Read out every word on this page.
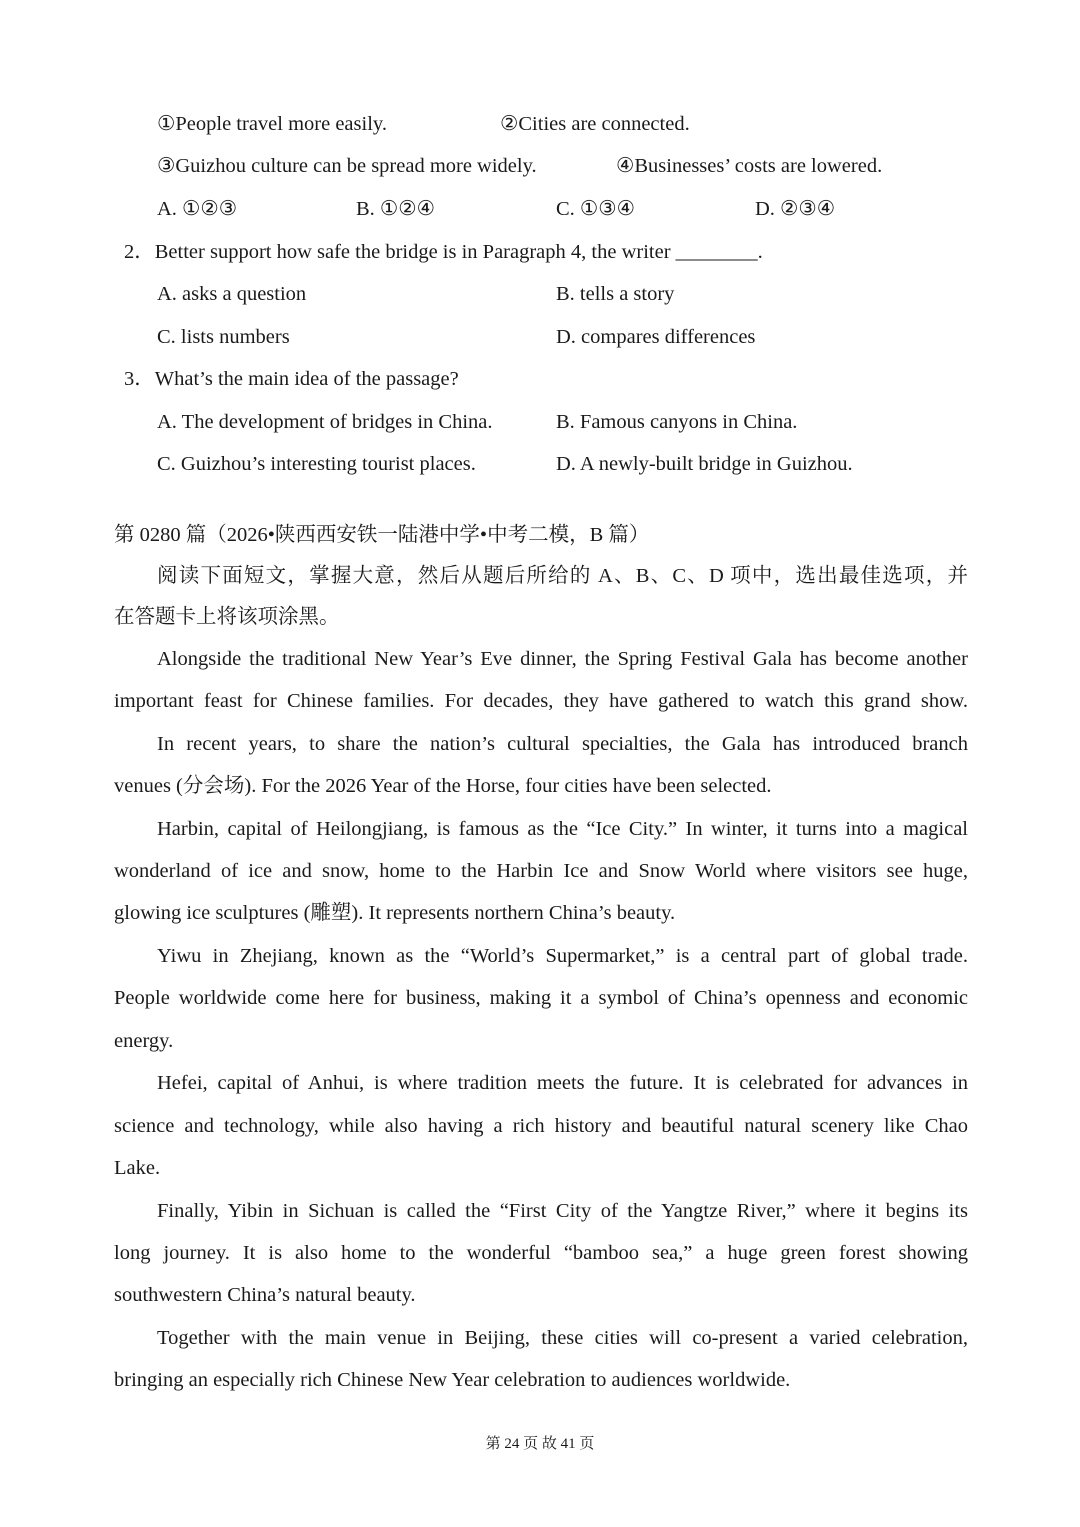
①People travel more easily.	②Cities are connected.
③Guizhou culture can be spread more widely.	④Businesses’ costs are lowered.
A. ①②③	B. ①②④	C. ①③④	D. ②③④
2．Better support how safe the bridge is in Paragraph 4, the writer ________.
A. asks a question	B. tells a story
C. lists numbers	D. compares differences
3．What’s the main idea of the passage?
A. The development of bridges in China.	B. Famous canyons in China.
C. Guizhou’s interesting tourist places.	D. A newly-built bridge in Guizhou.
第 0280 篇（2026•陕西西安铁一陆港中学•中考二模，B 篇）
阅读下面短文，掌握大意，然后从题后所给的 A、B、C、D 项中，选出最佳选项，并
在答题卡上将该项涂黑。
Alongside the traditional New Year’s Eve dinner, the Spring Festival Gala has become another
important feast for Chinese families. For decades, they have gathered to watch this grand show.
In recent years, to share the nation’s cultural specialties, the Gala has introduced branch
venues (分会场). For the 2026 Year of the Horse, four cities have been selected.
Harbin, capital of Heilongjiang, is famous as the “Ice City.” In winter, it turns into a magical
wonderland of ice and snow, home to the Harbin Ice and Snow World where visitors see huge,
glowing ice sculptures (雕塑). It represents northern China’s beauty.
Yiwu in Zhejiang, known as the “World’s Supermarket,” is a central part of global trade.
People worldwide come here for business, making it a symbol of China’s openness and economic
energy.
Hefei, capital of Anhui, is where tradition meets the future. It is celebrated for advances in
science and technology, while also having a rich history and beautiful natural scenery like Chao
Lake.
Finally, Yibin in Sichuan is called the “First City of the Yangtze River,” where it begins its
long journey. It is also home to the wonderful “bamboo sea,” a huge green forest showing
southwestern China’s natural beauty.
Together with the main venue in Beijing, these cities will co-present a varied celebration,
bringing an especially rich Chinese New Year celebration to audiences worldwide.
第 24 页 故 41 页
